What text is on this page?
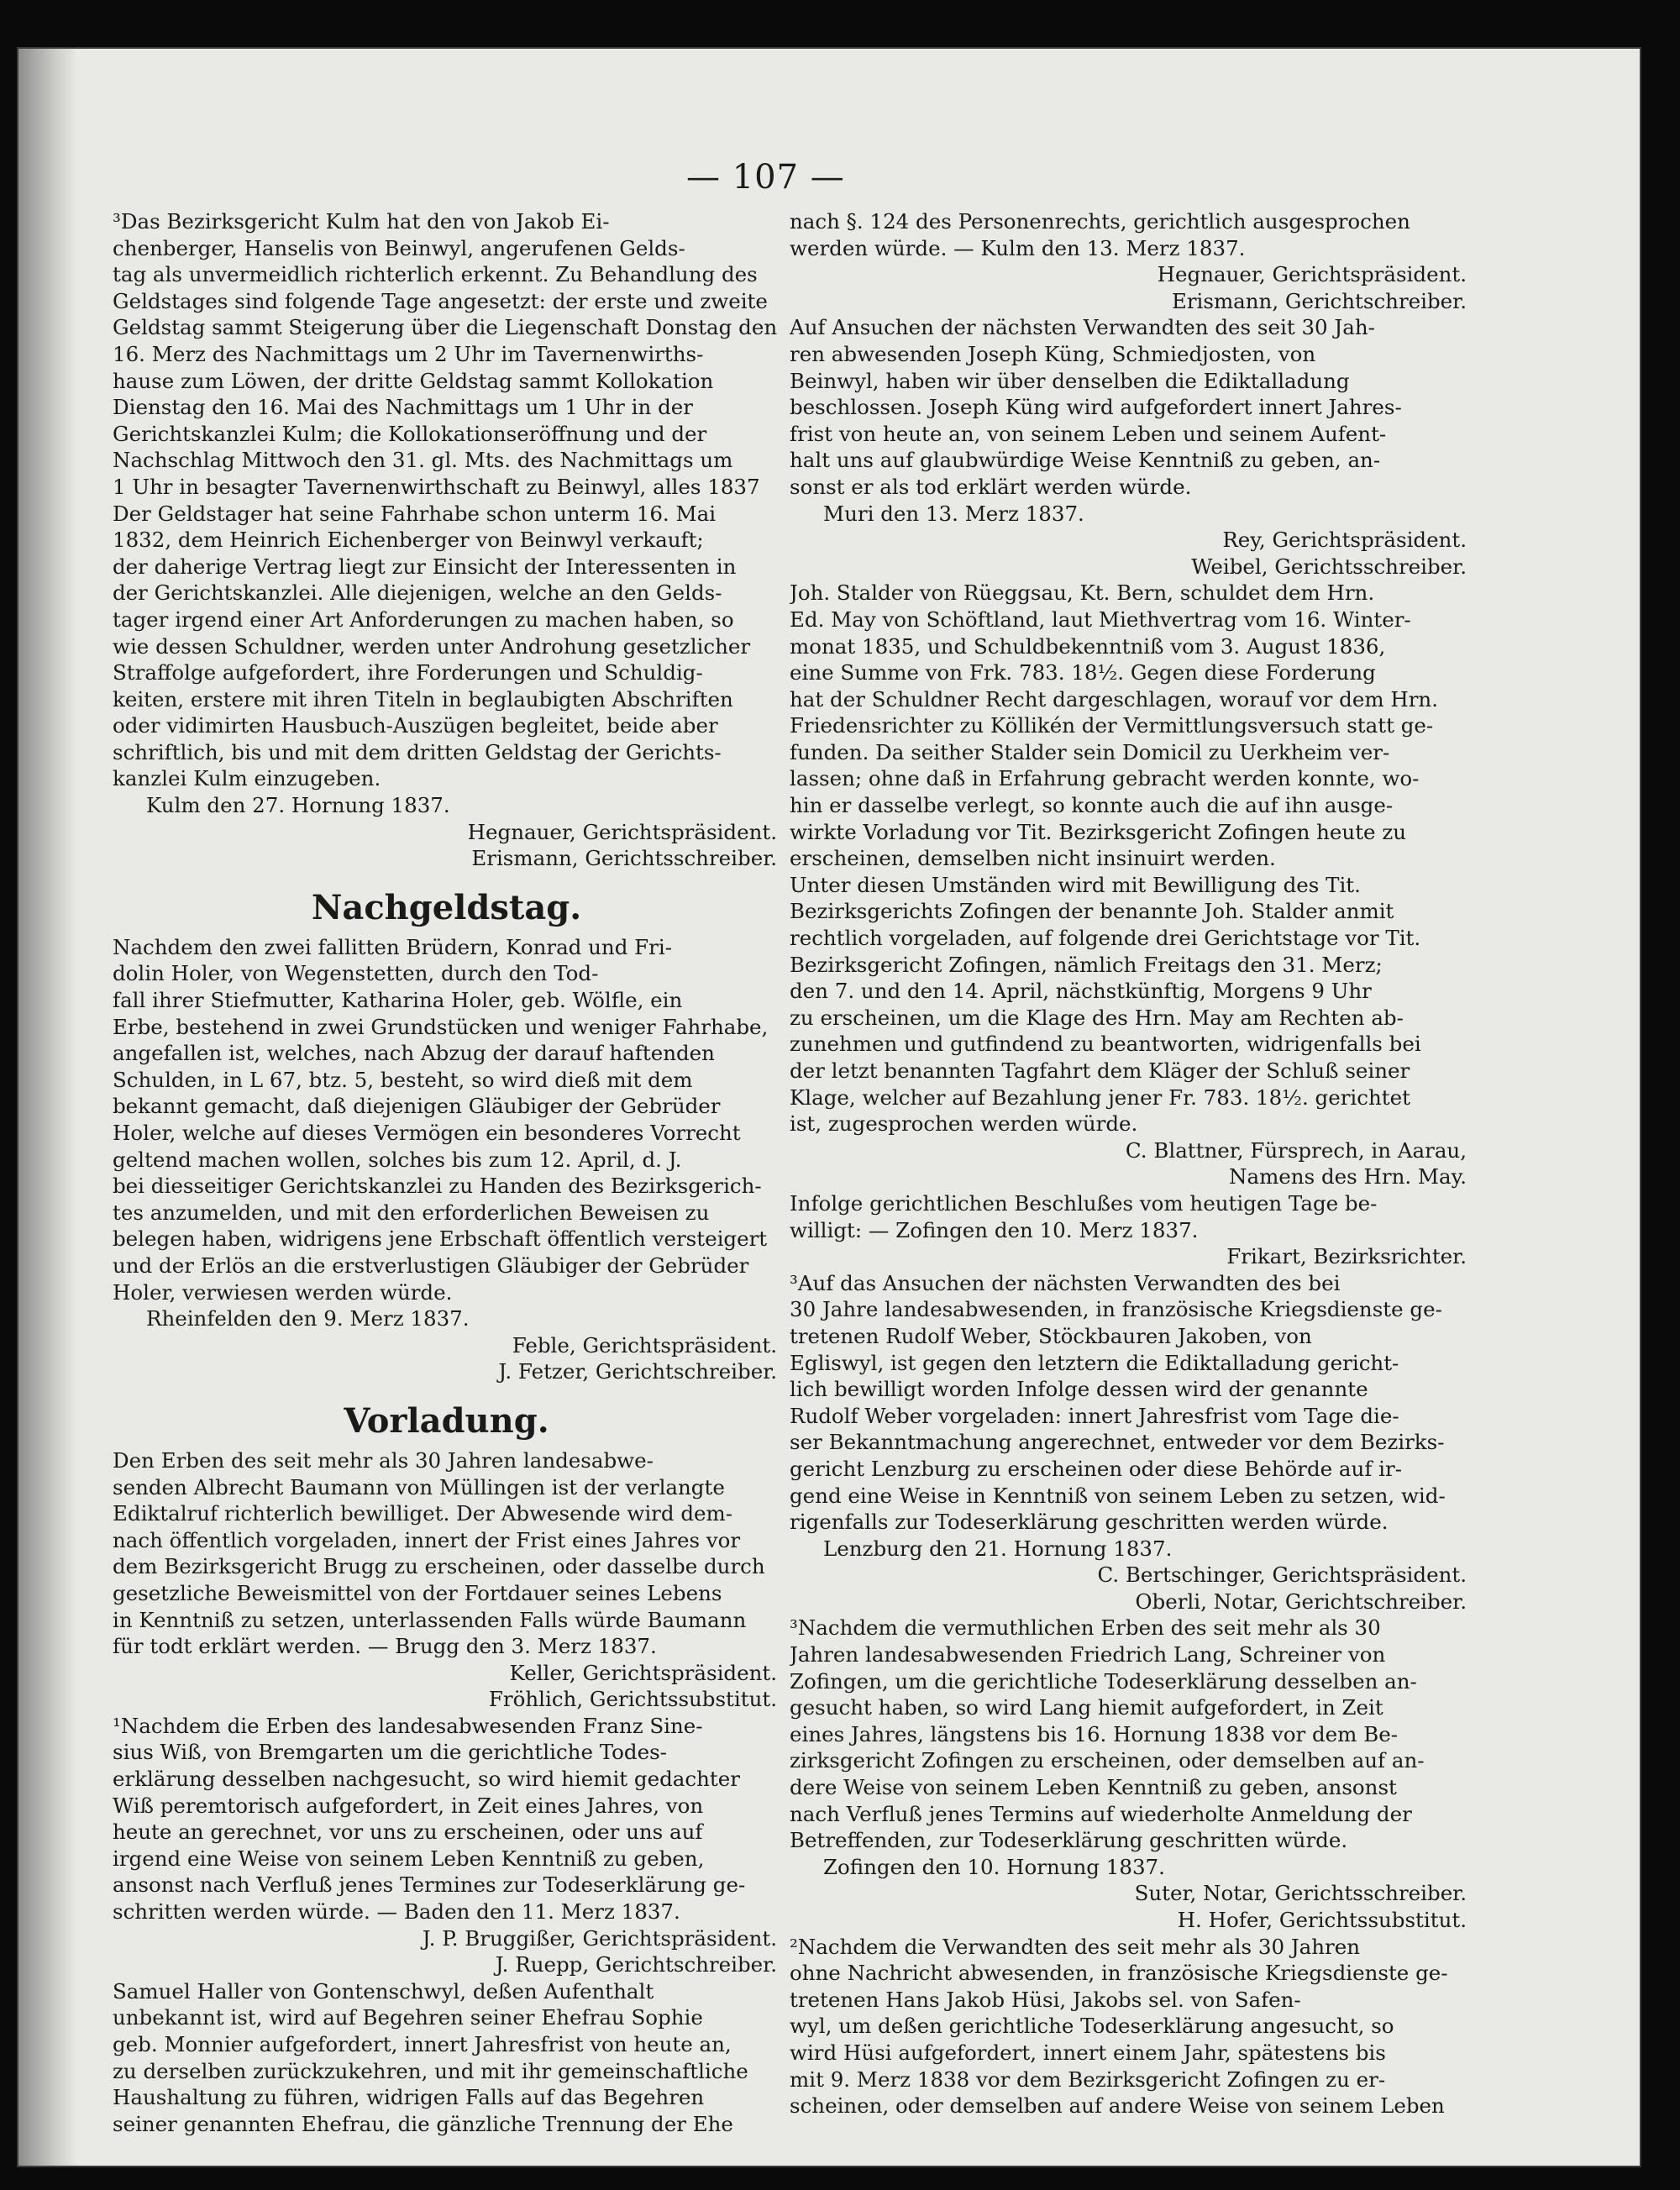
— 107 —

³Das Bezirksgericht Kulm hat den von Jakob Ei-
chenberger, Hanselis von Beinwyl, angerufenen Gelds-
tag als unvermeidlich richterlich erkennt. Zu Behandlung des
Geldstages sind folgende Tage angesetzt: der erste und zweite
Geldstag sammt Steigerung über die Liegenschaft Donstag den
16. Merz des Nachmittags um 2 Uhr im Tavernenwirths-
hause zum Löwen, der dritte Geldstag sammt Kollokation
Dienstag den 16. Mai des Nachmittags um 1 Uhr in der
Gerichtskanzlei Kulm; die Kollokationseröffnung und der
Nachschlag Mittwoch den 31. gl. Mts. des Nachmittags um
1 Uhr in besagter Tavernenwirthschaft zu Beinwyl, alles 1837
Der Geldstager hat seine Fahrhabe schon unterm 16. Mai
1832, dem Heinrich Eichenberger von Beinwyl verkauft;
der daherige Vertrag liegt zur Einsicht der Interessenten in
der Gerichtskanzlei. Alle diejenigen, welche an den Gelds-
tager irgend einer Art Anforderungen zu machen haben, so
wie dessen Schuldner, werden unter Androhung gesetzlicher
Straffolge aufgefordert, ihre Forderungen und Schuldig-
keiten, erstere mit ihren Titeln in beglaubigten Abschriften
oder vidimirten Hausbuch-Auszügen begleitet, beide aber
schriftlich, bis und mit dem dritten Geldstag der Gerichts-
kanzlei Kulm einzugeben.

Kulm den 27. Hornung 1837.
Hegnauer, Gerichtspräsident.
Erismann, Gerichtsschreiber.
Nachgeldstag.

Nachdem den zwei fallitten Brüdern, Konrad und Fri-
dolin Holer, von Wegenstetten, durch den Tod-
fall ihrer Stiefmutter, Katharina Holer, geb. Wölfle, ein
Erbe, bestehend in zwei Grundstücken und weniger Fahrhabe,
angefallen ist, welches, nach Abzug der darauf haftenden
Schulden, in L 67, btz. 5, besteht, so wird dieß mit dem
bekannt gemacht, daß diejenigen Gläubiger der Gebrüder
Holer, welche auf dieses Vermögen ein besonderes Vorrecht
geltend machen wollen, solches bis zum 12. April, d. J.
bei diesseitiger Gerichtskanzlei zu Handen des Bezirksgerich-
tes anzumelden, und mit den erforderlichen Beweisen zu
belegen haben, widrigens jene Erbschaft öffentlich versteigert
und der Erlös an die erstverlustigen Gläubiger der Gebrüder
Holer, verwiesen werden würde.

Rheinfelden den 9. Merz 1837.
Feble, Gerichtspräsident.
J. Fetzer, Gerichtschreiber.
Vorladung.

Den Erben des seit mehr als 30 Jahren landesabwe-
senden Albrecht Baumann von Müllingen ist der verlangte
Ediktalruf richterlich bewilliget. Der Abwesende wird dem-
nach öffentlich vorgeladen, innert der Frist eines Jahres vor
dem Bezirksgericht Brugg zu erscheinen, oder dasselbe durch
gesetzliche Beweismittel von der Fortdauer seines Lebens
in Kenntniß zu setzen, unterlassenden Falls würde Baumann
für todt erklärt werden. — Brugg den 3. Merz 1837.

Keller, Gerichtspräsident.
Fröhlich, Gerichtssubstitut.

¹Nachdem die Erben des landesabwesenden Franz Sine-
sius Wiß, von Bremgarten um die gerichtliche Todes-
erklärung desselben nachgesucht, so wird hiemit gedachter
Wiß peremtorisch aufgefordert, in Zeit eines Jahres, von
heute an gerechnet, vor uns zu erscheinen, oder uns auf
irgend eine Weise von seinem Leben Kenntniß zu geben,
ansonst nach Verfluß jenes Termines zur Todeserklärung ge-
schritten werden würde. — Baden den 11. Merz 1837.

J. P. Bruggißer, Gerichtspräsident.
J. Ruepp, Gerichtschreiber.

Samuel Haller von Gontenschwyl, deßen Aufenthalt
unbekannt ist, wird auf Begehren seiner Ehefrau Sophie
geb. Monnier aufgefordert, innert Jahresfrist von heute an,
zu derselben zurückzukehren, und mit ihr gemeinschaftliche
Haushaltung zu führen, widrigen Falls auf das Begehren
seiner genannten Ehefrau, die gänzliche Trennung der Ehe

nach §. 124 des Personenrechts, gerichtlich ausgesprochen
werden würde. — Kulm den 13. Merz 1837.

Hegnauer, Gerichtspräsident.
Erismann, Gerichtschreiber.

Auf Ansuchen der nächsten Verwandten des seit 30 Jah-
ren abwesenden Joseph Küng, Schmiedjosten, von
Beinwyl, haben wir über denselben die Ediktalladung
beschlossen. Joseph Küng wird aufgefordert innert Jahres-
frist von heute an, von seinem Leben und seinem Aufent-
halt uns auf glaubwürdige Weise Kenntniß zu geben, an-
sonst er als tod erklärt werden würde.

Muri den 13. Merz 1837.
Rey, Gerichtspräsident.
Weibel, Gerichtsschreiber.

Joh. Stalder von Rüeggsau, Kt. Bern, schuldet dem Hrn.
Ed. May von Schöftland, laut Miethvertrag vom 16. Winter-
monat 1835, und Schuldbekenntniß vom 3. August 1836,
eine Summe von Frk. 783. 18½. Gegen diese Forderung
hat der Schuldner Recht dargeschlagen, worauf vor dem Hrn.
Friedensrichter zu Köllikén der Vermittlungsversuch statt ge-
funden. Da seither Stalder sein Domicil zu Uerkheim ver-
lassen; ohne daß in Erfahrung gebracht werden konnte, wo-
hin er dasselbe verlegt, so konnte auch die auf ihn ausge-
wirkte Vorladung vor Tit. Bezirksgericht Zofingen heute zu
erscheinen, demselben nicht insinuirt werden.
Unter diesen Umständen wird mit Bewilligung des Tit.
Bezirksgerichts Zofingen der benannte Joh. Stalder anmit
rechtlich vorgeladen, auf folgende drei Gerichtstage vor Tit.
Bezirksgericht Zofingen, nämlich Freitags den 31. Merz;
den 7. und den 14. April, nächstkünftig, Morgens 9 Uhr
zu erscheinen, um die Klage des Hrn. May am Rechten ab-
zunehmen und gutfindend zu beantworten, widrigenfalls bei
der letzt benannten Tagfahrt dem Kläger der Schluß seiner
Klage, welcher auf Bezahlung jener Fr. 783. 18½. gerichtet
ist, zugesprochen werden würde.

C. Blattner, Fürsprech, in Aarau,
Namens des Hrn. May.

Infolge gerichtlichen Beschlußes vom heutigen Tage be-
willigt: — Zofingen den 10. Merz 1837.

Frikart, Bezirksrichter.

³Auf das Ansuchen der nächsten Verwandten des bei
30 Jahre landesabwesenden, in französische Kriegsdienste ge-
tretenen Rudolf Weber, Stöckbauren Jakoben, von
Egliswyl, ist gegen den letztern die Ediktalladung gericht-
lich bewilligt worden Infolge dessen wird der genannte
Rudolf Weber vorgeladen: innert Jahresfrist vom Tage die-
ser Bekanntmachung angerechnet, entweder vor dem Bezirks-
gericht Lenzburg zu erscheinen oder diese Behörde auf ir-
gend eine Weise in Kenntniß von seinem Leben zu setzen, wid-
rigenfalls zur Todeserklärung geschritten werden würde.

Lenzburg den 21. Hornung 1837.
C. Bertschinger, Gerichtspräsident.
Oberli, Notar, Gerichtschreiber.

³Nachdem die vermuthlichen Erben des seit mehr als 30
Jahren landesabwesenden Friedrich Lang, Schreiner von
Zofingen, um die gerichtliche Todeserklärung desselben an-
gesucht haben, so wird Lang hiemit aufgefordert, in Zeit
eines Jahres, längstens bis 16. Hornung 1838 vor dem Be-
zirksgericht Zofingen zu erscheinen, oder demselben auf an-
dere Weise von seinem Leben Kenntniß zu geben, ansonst
nach Verfluß jenes Termins auf wiederholte Anmeldung der
Betreffenden, zur Todeserklärung geschritten würde.

Zofingen den 10. Hornung 1837.
Suter, Notar, Gerichtsschreiber.
H. Hofer, Gerichtssubstitut.

²Nachdem die Verwandten des seit mehr als 30 Jahren
ohne Nachricht abwesenden, in französische Kriegsdienste ge-
tretenen Hans Jakob Hüsi, Jakobs sel. von Safen-
wyl, um deßen gerichtliche Todeserklärung angesucht, so
wird Hüsi aufgefordert, innert einem Jahr, spätestens bis
mit 9. Merz 1838 vor dem Bezirksgericht Zofingen zu er-
scheinen, oder demselben auf andere Weise von seinem Leben
